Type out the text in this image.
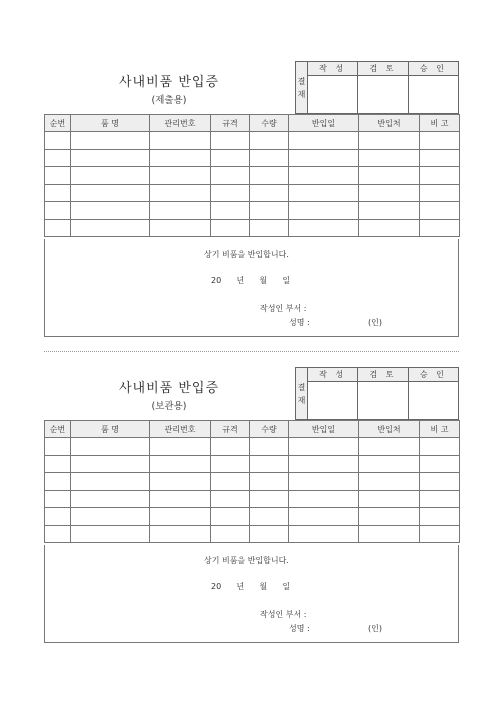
사내비품 반입증
(제출용)
결재	작 성	검 토	승 인

순번	품 명	관리번호	규격	수량	반입일	반입처	비 고

상기 비품을 반입합니다.
20      년      월      일
작성인 부서 :
성명 :	(인)
사내비품 반입증
(보관용)
결재	작 성	검 토	승 인

순번	품 명	관리번호	규격	수량	반입일	반입처	비 고

상기 비품을 반입합니다.
20      년      월      일
작성인 부서 :
성명 :	(인)
